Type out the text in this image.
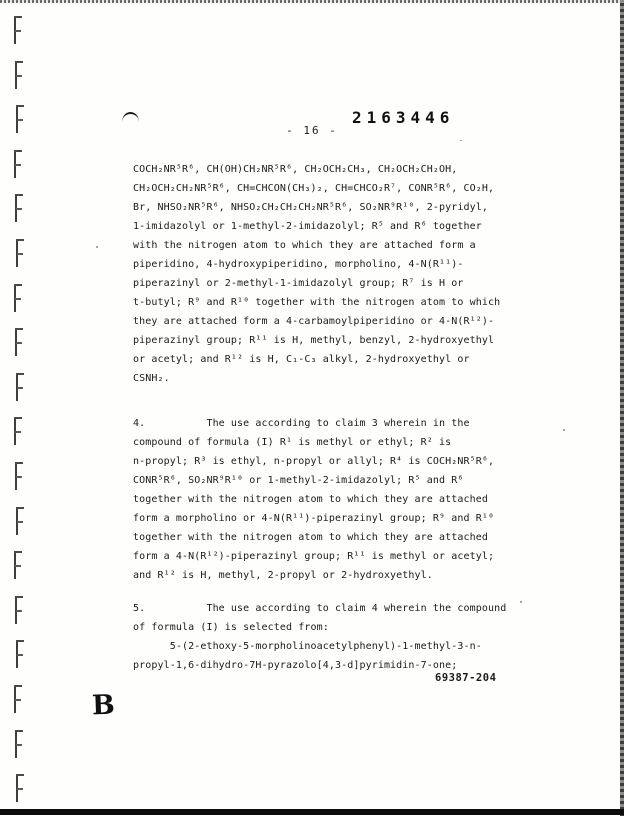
2163446
- 16 -
COCH₂NR⁵R⁶, CH(OH)CH₂NR⁵R⁶, CH₂OCH₂CH₃, CH₂OCH₂CH₂OH,
CH₂OCH₂CH₂NR⁵R⁶, CH=CHCON(CH₃)₂, CH=CHCO₂R⁷, CONR⁵R⁶, CO₂H,
Br, NHSO₂NR⁵R⁶, NHSO₂CH₂CH₂CH₂NR⁵R⁶, SO₂NR⁹R¹⁰, 2-pyridyl,
1-imidazolyl or 1-methyl-2-imidazolyl; R⁵ and R⁶ together
with the nitrogen atom to which they are attached form a
piperidino, 4-hydroxypiperidino, morpholino, 4-N(R¹¹)-
piperazinyl or 2-methyl-1-imidazolyl group; R⁷ is H or
t-butyl; R⁹ and R¹⁰ together with the nitrogen atom to which
they are attached form a 4-carbamoylpiperidino or 4-N(R¹²)-
piperazinyl group; R¹¹ is H, methyl, benzyl, 2-hydroxyethyl
or acetyl; and R¹² is H, C₁-C₃ alkyl, 2-hydroxyethyl or
CSNH₂.
4.          The use according to claim 3 wherein in the
compound of formula (I) R¹ is methyl or ethyl; R² is
n-propyl; R³ is ethyl, n-propyl or allyl; R⁴ is COCH₂NR⁵R⁶,
CONR⁵R⁶, SO₂NR⁹R¹⁰ or 1-methyl-2-imidazolyl; R⁵ and R⁶
together with the nitrogen atom to which they are attached
form a morpholino or 4-N(R¹¹)-piperazinyl group; R⁹ and R¹⁰
together with the nitrogen atom to which they are attached
form a 4-N(R¹²)-piperazinyl group; R¹¹ is methyl or acetyl;
and R¹² is H, methyl, 2-propyl or 2-hydroxyethyl.
5.          The use according to claim 4 wherein the compound
of formula (I) is selected from:
5-(2-ethoxy-5-morpholinoacetylphenyl)-1-methyl-3-n-
propyl-1,6-dihydro-7H-pyrazolo[4,3-d]pyrimidin-7-one;
69387-204
B
